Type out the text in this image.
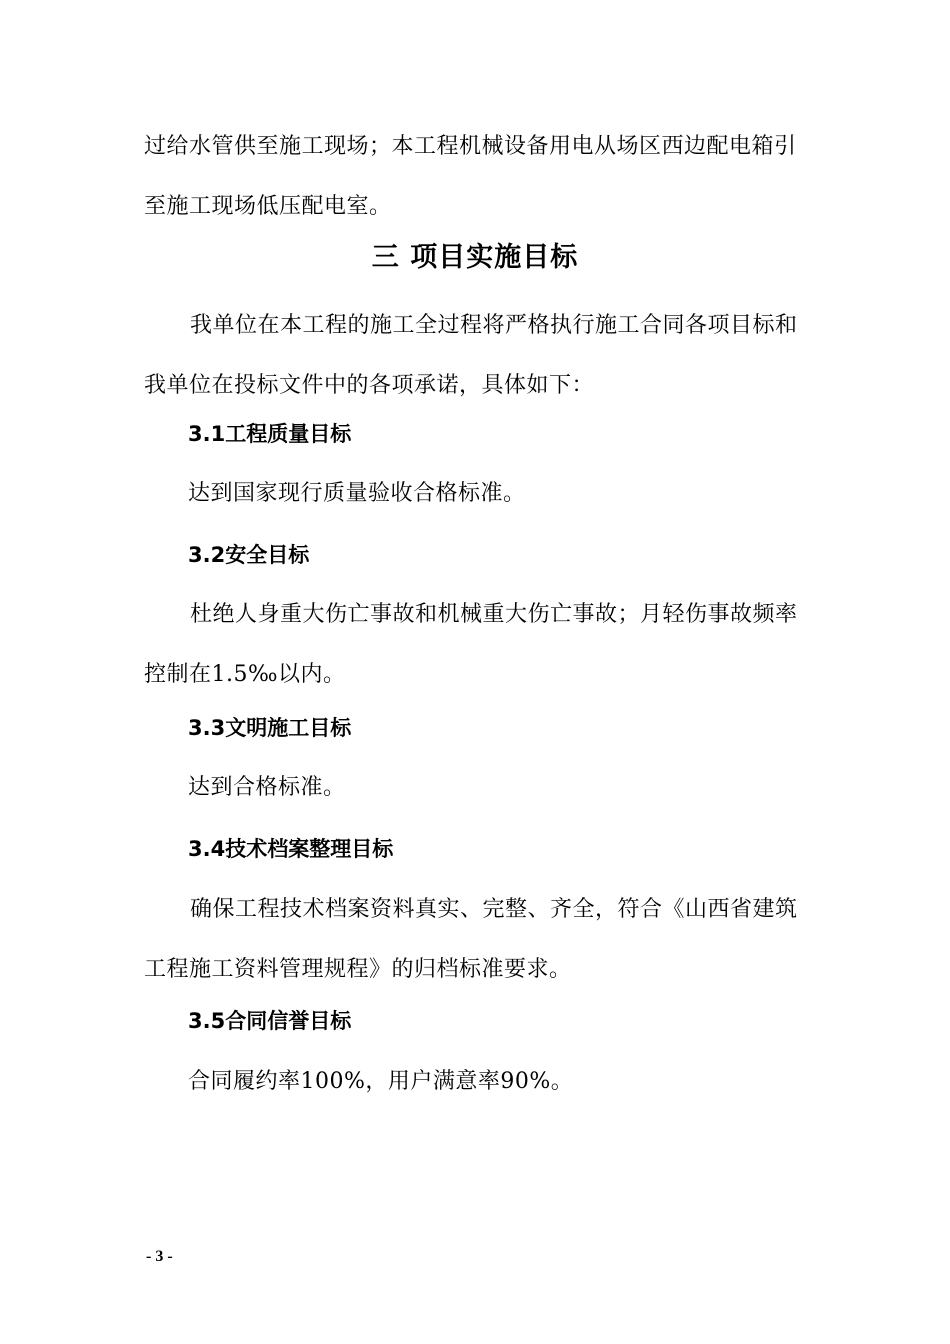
过给水管供至施工现场；本工程机械设备用电从场区西边配电箱引至施工现场低压配电室。

三 项目实施目标

我单位在本工程的施工全过程将严格执行施工合同各项目标和我单位在投标文件中的各项承诺，具体如下：

3.1工程质量目标

达到国家现行质量验收合格标准。

3.2安全目标

杜绝人身重大伤亡事故和机械重大伤亡事故；月轻伤事故频率控制在1.5‰以内。

3.3文明施工目标

达到合格标准。

3.4技术档案整理目标

确保工程技术档案资料真实、完整、齐全，符合《山西省建筑工程施工资料管理规程》的归档标准要求。

3.5合同信誉目标

合同履约率100%，用户满意率90%。

- 3 -
